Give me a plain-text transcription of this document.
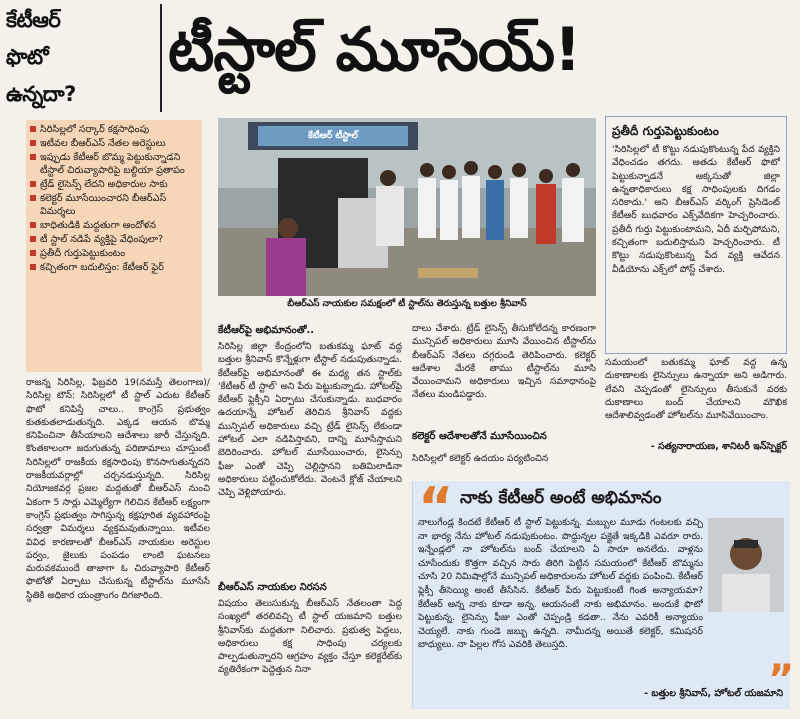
కేటీఆర్
ఫొటో
ఉన్నదా?
టీస్టాల్ మూసెయ్!
సిరిసిల్లలో సర్కార్ కక్షసాధింపు
ఇటీవల బీఆర్ఎస్ నేతల అరెస్టులు
ఇప్పుడు కేటీఆర్ బొమ్మ పెట్టుకున్నాడని టీస్టాల్ చిరువ్యాపారిపై బల్దియా ప్రతాపం
ట్రేడ్ లైసెన్స్ లేదని అధికారుల సాకు
కలెక్టర్ మూసేయించారని బీఆర్ఎస్ విమర్శలు
బాధితుడికి మద్దతుగా ఆందోళన
టీ స్టాల్ నడిపే వ్యక్తిపై వేధింపులా?
ప్రతీదీ గుర్తుపెట్టుకుంటం
కచ్చితంగా బదులిస్తం: కేటీఆర్ ఫైర్
కేటీఆర్ టీస్టాల్
బీఆర్ఎస్ నాయకుల సమక్షంలో టీ స్టాల్‌ను తెరుస్తున్న బత్తుల శ్రీనివాస్
ప్రతీదీ గుర్తుపెట్టుకుంటం
'సిరిసిల్లలో టీ కొట్టు నడుపుకొంటున్న పేద వ్యక్తిని వేధించడం తగదు. అతడు కేటీఆర్ ఫొటో పెట్టుకున్నాడనే అక్కసుతో జిల్లా ఉన్నతాధికారులు కక్ష సాధింపులకు దిగడం సరికాదు.' అని బీఆర్ఎస్ వర్కింగ్ ప్రెసిడెంట్ కేటీఆర్ బుధవారం ఎక్స్‌వేదికగా హెచ్చరించారు. ప్రతీదీ గుర్తు పెట్టుకుంటామని, ఏదీ మర్చిపోమని, కచ్చితంగా బదులిస్తామని హెచ్చరించారు. టీ కొట్టు నడుపుకొంటున్న పేద వ్యక్తి ఆవేదన వీడియోను ఎక్స్‌లో పోస్ట్ చేశారు.
రాజన్న సిరిసిల్ల, ఫిబ్రవరి 19(నమస్తే తెలంగాణ)/సిరిసిల్ల టౌన్: సిరిసిల్లలో టీ స్టాల్ ఎదుట కేటీఆర్ ఫొటో కనిపిస్తే చాలు.. కాంగ్రెస్ ప్రభుత్వం కుతకుతలాడుతున్నది. ఎక్కడ ఆయన బొమ్మ కనిపించినా తీసేయాలని ఆదేశాలు జారీ చేస్తున్నది. కొంతకాలంగా జరుగుతున్న పరిణామాలు చూస్తుంటే సిరిసిల్లలో రాజకీయ కక్షసాధింపు కొనసాగుతున్నదని రాజకీయవర్గాల్లో చర్చనడుస్తున్నది. సిరిసిల్ల నియోజకవర్గ ప్రజల మద్దతుతో బీఆర్ఎస్ నుంచి ఏకంగా 5 సార్లు ఎమ్మెల్యేగా గెలిచిన కేటీఆర్ లక్ష్యంగా కాంగ్రెస్ ప్రభుత్వం సాగిస్తున్న కక్షపూరిత వ్యవహారంపై సర్వత్రా విమర్శలు వ్యక్తమవుతున్నాయి. ఇటీవల వివిధ కారణాలతో బీఆర్ఎస్ నాయకుల అరెస్టుల పర్వం, జైలుకు పంపడం లాంటి ఘటనలు మరువకముందే తాజాగా ఓ చిరువ్యాపారి కేటీఆర్ ఫొటోతో ఏర్పాటు చేసుకున్న టీస్టాల్‌ను మూసేసే స్థితికి అధికార యంత్రాంగం దిగజారింది.
కేటీఆర్‌పై అభిమానంతో..
సిరిసిల్ల జిల్లా కేంద్రంలోని బతుకమ్మ ఘాట్ వద్ద బత్తుల శ్రీనివాస్ కొన్నేళ్లుగా టీస్టాల్ నడుపుతున్నాడు. కేటీఆర్‌పై అభిమానంతో ఈ మధ్య తన స్టాల్‌కు 'కేటీఆర్ టీ స్టాల్' అని పేరు పెట్టుకున్నాడు. హోటల్‌పై కేటీఆర్ ఫ్లెక్సీని ఏర్పాటు చేసుకున్నాడు. బుధవారం ఉదయాన్నే హోటల్ తెరిచిన శ్రీనివాస్ వద్దకు మున్సిపల్ అధికారులు వచ్చి ట్రేడ్ లైసెన్స్ లేకుండా హోటల్ ఎలా నడిపిస్తావని, దాన్ని మూసేస్తామని బెదిరించారు. హోటల్ మూసేయించారు, లైసెన్సు ఫీజు ఎంతో చెప్పి చెల్లిస్తానని బతిమిలాడినా అధికారులు పట్టించుకోలేదు. వెంటనే క్లోజ్ చేయాలని చెప్పి వెళ్లిపోయారు.
బీఆర్ఎస్ నాయకుల నిరసన
విషయం తెలుసుకున్న బీఆర్ఎస్ నేతలంతా పెద్ద సంఖ్యలో తరలివచ్చి టీ స్టాల్ యజమాని బత్తుల శ్రీనివాస్‌కు మద్దతుగా నిలిచారు. ప్రభుత్వ పెద్దలు, అధికారులు కక్ష సాధింపు చర్యలకు పాల్పడుతున్నారని ఆగ్రహం వ్యక్తం చేస్తూ కలెక్టరేట్‌కు వ్యతిరేకంగా పెద్దెత్తున నినా
దాలు చేశారు. ట్రేడ్ లైసెన్స్ తీసుకోలేదన్న కారణంగా మున్సిపల్ అధికారులు మూసి వేయించిన టీస్టాల్‌ను బీఆర్ఎస్ నేతలు దగ్గరుండి తెరిపించారు. కలెక్టర్ ఆదేశాల మేరకే తాము టీస్టాల్‌ను మూసి వేయించామని అధికారులు ఇచ్చిన సమాధానంపై నేతలు మండిపడ్డారు.
కలెక్టర్ ఆదేశాలతోనే మూసేయించిన
సిరిసిల్లలో కలెక్టర్ ఉదయం పర్యటించిన
సమయంలో బతుకమ్మ ఘాట్ వద్ద ఉన్న దుకాణాలకు లైసెన్సులు ఉన్నాయా అని అడిగారు. లేవని చెప్పడంతో లైసెన్సులు తీసుకునే వరకు దుకాణాలు బంద్ చేయాలని మౌఖిక ఆదేశాలివ్వడంతో హోటల్‌ను మూసివేయించాం.
- సత్యనారాయణ, శానిటరీ ఇన్‌స్పెక్టర్
“ నాకు కేటీఆర్ అంటే అభిమానం
నాలుగేండ్ల కిందటే కేటీఆర్ టీ స్టాల్ పెట్టుకున్న. మబ్బుల మూడు గంటలకు వచ్చి నా భార్య నేను హోటల్ నడుపుకుంటం. పొద్దున్నల పక్షైతే ఇక్కడికి ఎవరూ రారు. ఇన్నేండ్లలో నా హోటల్‌ను బంద్ చేయాలని ఏ సారూ అనలేదు. వాళ్లను చూసేందుకు కొత్తగా వచ్చిన సారు తిరిగి పెట్టిన సమయంలో కేటీఆర్ బొమ్మను చూసి 20 నిమిషాల్లోనే మున్సిపల్ అధికారులను హోటల్ వద్దకు పంపించి. కేటీఆర్ ఫ్లెక్సీ తీసెయ్యి అంటే తీసేసిన. కేటీఆర్ పేరు పెట్టుకుంటే గింత అన్యాయమా? కేటీఆర్ అన్న నాకు కూడా అన్న. ఆయనంటే నాకు అభిమానం. అందుకే ఫొటో పెట్టుకున్న. లైసెన్సు ఫీజు ఎంతో చెప్పండ్రి కడతా.. నేను ఎవరికీ అన్యాయం చెయ్యలే. నాకు గుండె జబ్బు ఉన్నది. నామీదన్న అయితే కలెక్టర్, కమిషనర్ బాధ్యులు. నా పిల్లల గోస ఎవరికి తెలుస్తది.
- బత్తుల శ్రీనివాస్, హోటల్ యజమాని
”
